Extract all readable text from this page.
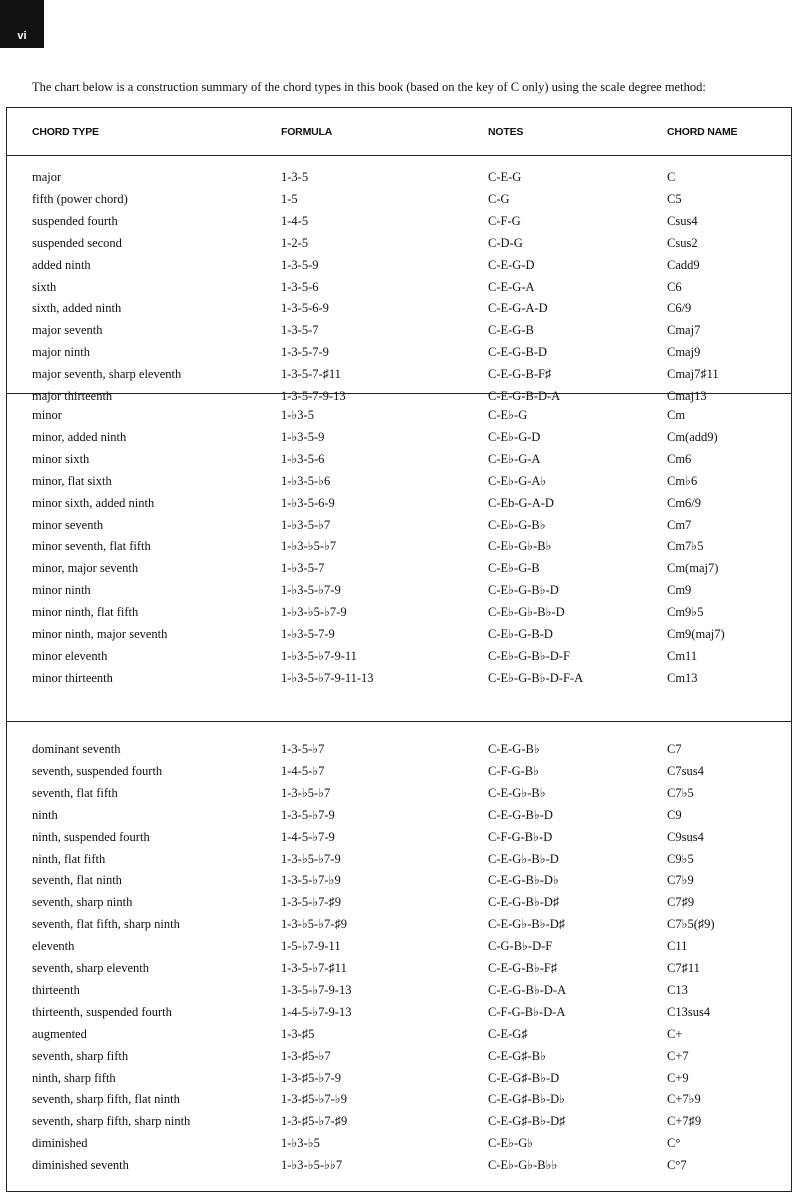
vi
The chart below is a construction summary of the chord types in this book (based on the key of C only) using the scale degree method:
CHORD TYPE	FORMULA	NOTES	CHORD NAME
major	1-3-5	C-E-G	C
fifth (power chord)	1-5	C-G	C5
suspended fourth	1-4-5	C-F-G	Csus4
suspended second	1-2-5	C-D-G	Csus2
added ninth	1-3-5-9	C-E-G-D	Cadd9
sixth	1-3-5-6	C-E-G-A	C6
sixth, added ninth	1-3-5-6-9	C-E-G-A-D	C6/9
major seventh	1-3-5-7	C-E-G-B	Cmaj7
major ninth	1-3-5-7-9	C-E-G-B-D	Cmaj9
major seventh, sharp eleventh	1-3-5-7-♯11	C-E-G-B-F♯	Cmaj7♯11
major thirteenth	1-3-5-7-9-13	C-E-G-B-D-A	Cmaj13
minor	1-♭3-5	C-E♭-G	Cm
minor, added ninth	1-♭3-5-9	C-E♭-G-D	Cm(add9)
minor sixth	1-♭3-5-6	C-E♭-G-A	Cm6
minor, flat sixth	1-♭3-5-♭6	C-E♭-G-A♭	Cm♭6
minor sixth, added ninth	1-♭3-5-6-9	C-Eb-G-A-D	Cm6/9
minor seventh	1-♭3-5-♭7	C-E♭-G-B♭	Cm7
minor seventh, flat fifth	1-♭3-♭5-♭7	C-E♭-G♭-B♭	Cm7♭5
minor, major seventh	1-♭3-5-7	C-E♭-G-B	Cm(maj7)
minor ninth	1-♭3-5-♭7-9	C-E♭-G-B♭-D	Cm9
minor ninth, flat fifth	1-♭3-♭5-♭7-9	C-E♭-G♭-B♭-D	Cm9♭5
minor ninth, major seventh	1-♭3-5-7-9	C-E♭-G-B-D	Cm9(maj7)
minor eleventh	1-♭3-5-♭7-9-11	C-E♭-G-B♭-D-F	Cm11
minor thirteenth	1-♭3-5-♭7-9-11-13	C-E♭-G-B♭-D-F-A	Cm13
dominant seventh	1-3-5-♭7	C-E-G-B♭	C7
seventh, suspended fourth	1-4-5-♭7	C-F-G-B♭	C7sus4
seventh, flat fifth	1-3-♭5-♭7	C-E-G♭-B♭	C7♭5
ninth	1-3-5-♭7-9	C-E-G-B♭-D	C9
ninth, suspended fourth	1-4-5-♭7-9	C-F-G-B♭-D	C9sus4
ninth, flat fifth	1-3-♭5-♭7-9	C-E-G♭-B♭-D	C9♭5
seventh, flat ninth	1-3-5-♭7-♭9	C-E-G-B♭-D♭	C7♭9
seventh, sharp ninth	1-3-5-♭7-♯9	C-E-G-B♭-D♯	C7♯9
seventh, flat fifth, sharp ninth	1-3-♭5-♭7-♯9	C-E-G♭-B♭-D♯	C7♭5(♯9)
eleventh	1-5-♭7-9-11	C-G-B♭-D-F	C11
seventh, sharp eleventh	1-3-5-♭7-♯11	C-E-G-B♭-F♯	C7♯11
thirteenth	1-3-5-♭7-9-13	C-E-G-B♭-D-A	C13
thirteenth, suspended fourth	1-4-5-♭7-9-13	C-F-G-B♭-D-A	C13sus4
augmented	1-3-♯5	C-E-G♯	C+
seventh, sharp fifth	1-3-♯5-♭7	C-E-G♯-B♭	C+7
ninth, sharp fifth	1-3-♯5-♭7-9	C-E-G♯-B♭-D	C+9
seventh, sharp fifth, flat ninth	1-3-♯5-♭7-♭9	C-E-G♯-B♭-D♭	C+7♭9
seventh, sharp fifth, sharp ninth	1-3-♯5-♭7-♯9	C-E-G♯-B♭-D♯	C+7♯9
diminished	1-♭3-♭5	C-E♭-G♭	C°
diminished seventh	1-♭3-♭5-♭♭7	C-E♭-G♭-B♭♭	C°7
